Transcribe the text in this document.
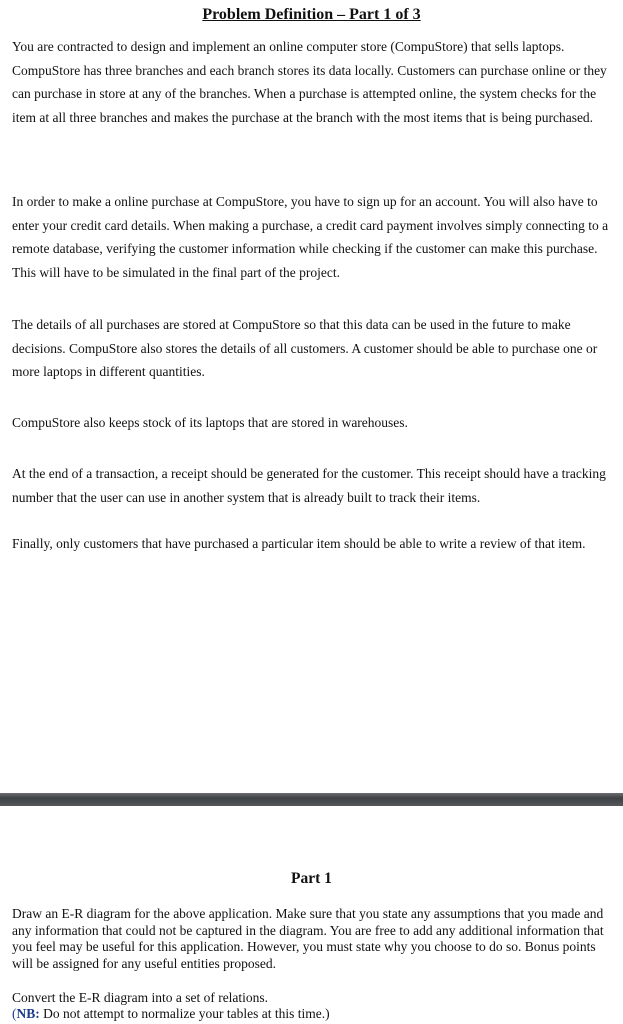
Problem Definition – Part 1 of 3

You are contracted to design and implement an online computer store (CompuStore) that sells laptops. CompuStore has three branches and each branch stores its data locally. Customers can purchase online or they can purchase in store at any of the branches. When a purchase is attempted online, the system checks for the item at all three branches and makes the purchase at the branch with the most items that is being purchased.

In order to make a online purchase at CompuStore, you have to sign up for an account. You will also have to enter your credit card details. When making a purchase, a credit card payment involves simply connecting to a remote database, verifying the customer information while checking if the customer can make this purchase. This will have to be simulated in the final part of the project.

The details of all purchases are stored at CompuStore so that this data can be used in the future to make decisions. CompuStore also stores the details of all customers. A customer should be able to purchase one or more laptops in different quantities.

CompuStore also keeps stock of its laptops that are stored in warehouses.

At the end of a transaction, a receipt should be generated for the customer. This receipt should have a tracking number that the user can use in another system that is already built to track their items.

Finally, only customers that have purchased a particular item should be able to write a review of that item.

Part 1

Draw an E-R diagram for the above application. Make sure that you state any assumptions that you made and any information that could not be captured in the diagram. You are free to add any additional information that you feel may be useful for this application. However, you must state why you choose to do so. Bonus points will be assigned for any useful entities proposed.

Convert the E-R diagram into a set of relations.

(NB: Do not attempt to normalize your tables at this time.)
